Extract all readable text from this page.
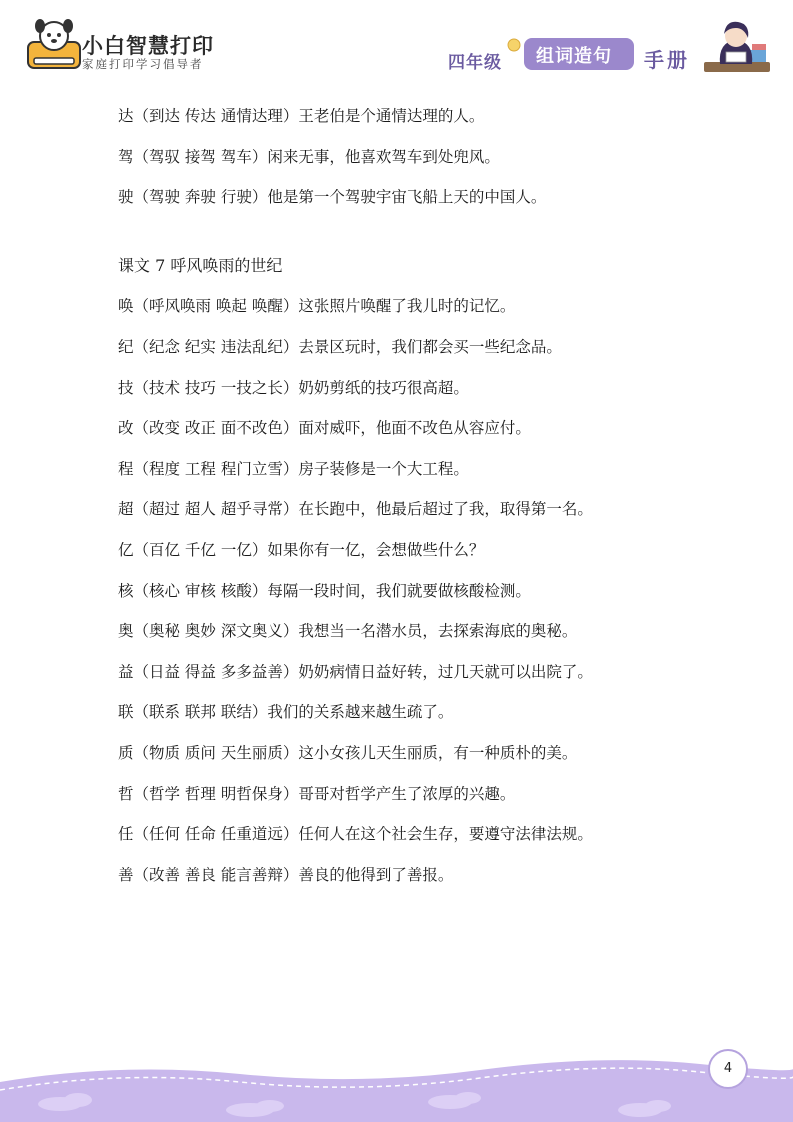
小白智慧打印
家庭打印学习倡导者	四年级 组词造句 手册
达（到达 传达 通情达理）王老伯是个通情达理的人。
驾（驾驭 接驾 驾车）闲来无事，他喜欢驾车到处兜风。
驶（驾驶 奔驶 行驶）他是第一个驾驶宇宙飞船上天的中国人。
课文 7 呼风唤雨的世纪
唤（呼风唤雨 唤起 唤醒）这张照片唤醒了我儿时的记忆。
纪（纪念 纪实 违法乱纪）去景区玩时，我们都会买一些纪念品。
技（技术 技巧 一技之长）奶奶剪纸的技巧很高超。
改（改变 改正 面不改色）面对威吓，他面不改色从容应付。
程（程度 工程 程门立雪）房子装修是一个大工程。
超（超过 超人 超乎寻常）在长跑中，他最后超过了我，取得第一名。
亿（百亿 千亿 一亿）如果你有一亿，会想做些什么？
核（核心 审核 核酸）每隔一段时间，我们就要做核酸检测。
奥（奥秘 奥妙 深文奥义）我想当一名潜水员，去探索海底的奥秘。
益（日益 得益 多多益善）奶奶病情日益好转，过几天就可以出院了。
联（联系 联邦 联结）我们的关系越来越生疏了。
质（物质 质问 天生丽质）这小女孩儿天生丽质，有一种质朴的美。
哲（哲学 哲理 明哲保身）哥哥对哲学产生了浓厚的兴趣。
任（任何 任命 任重道远）任何人在这个社会生存，要遵守法律法规。
善（改善 善良 能言善辩）善良的他得到了善报。
4
